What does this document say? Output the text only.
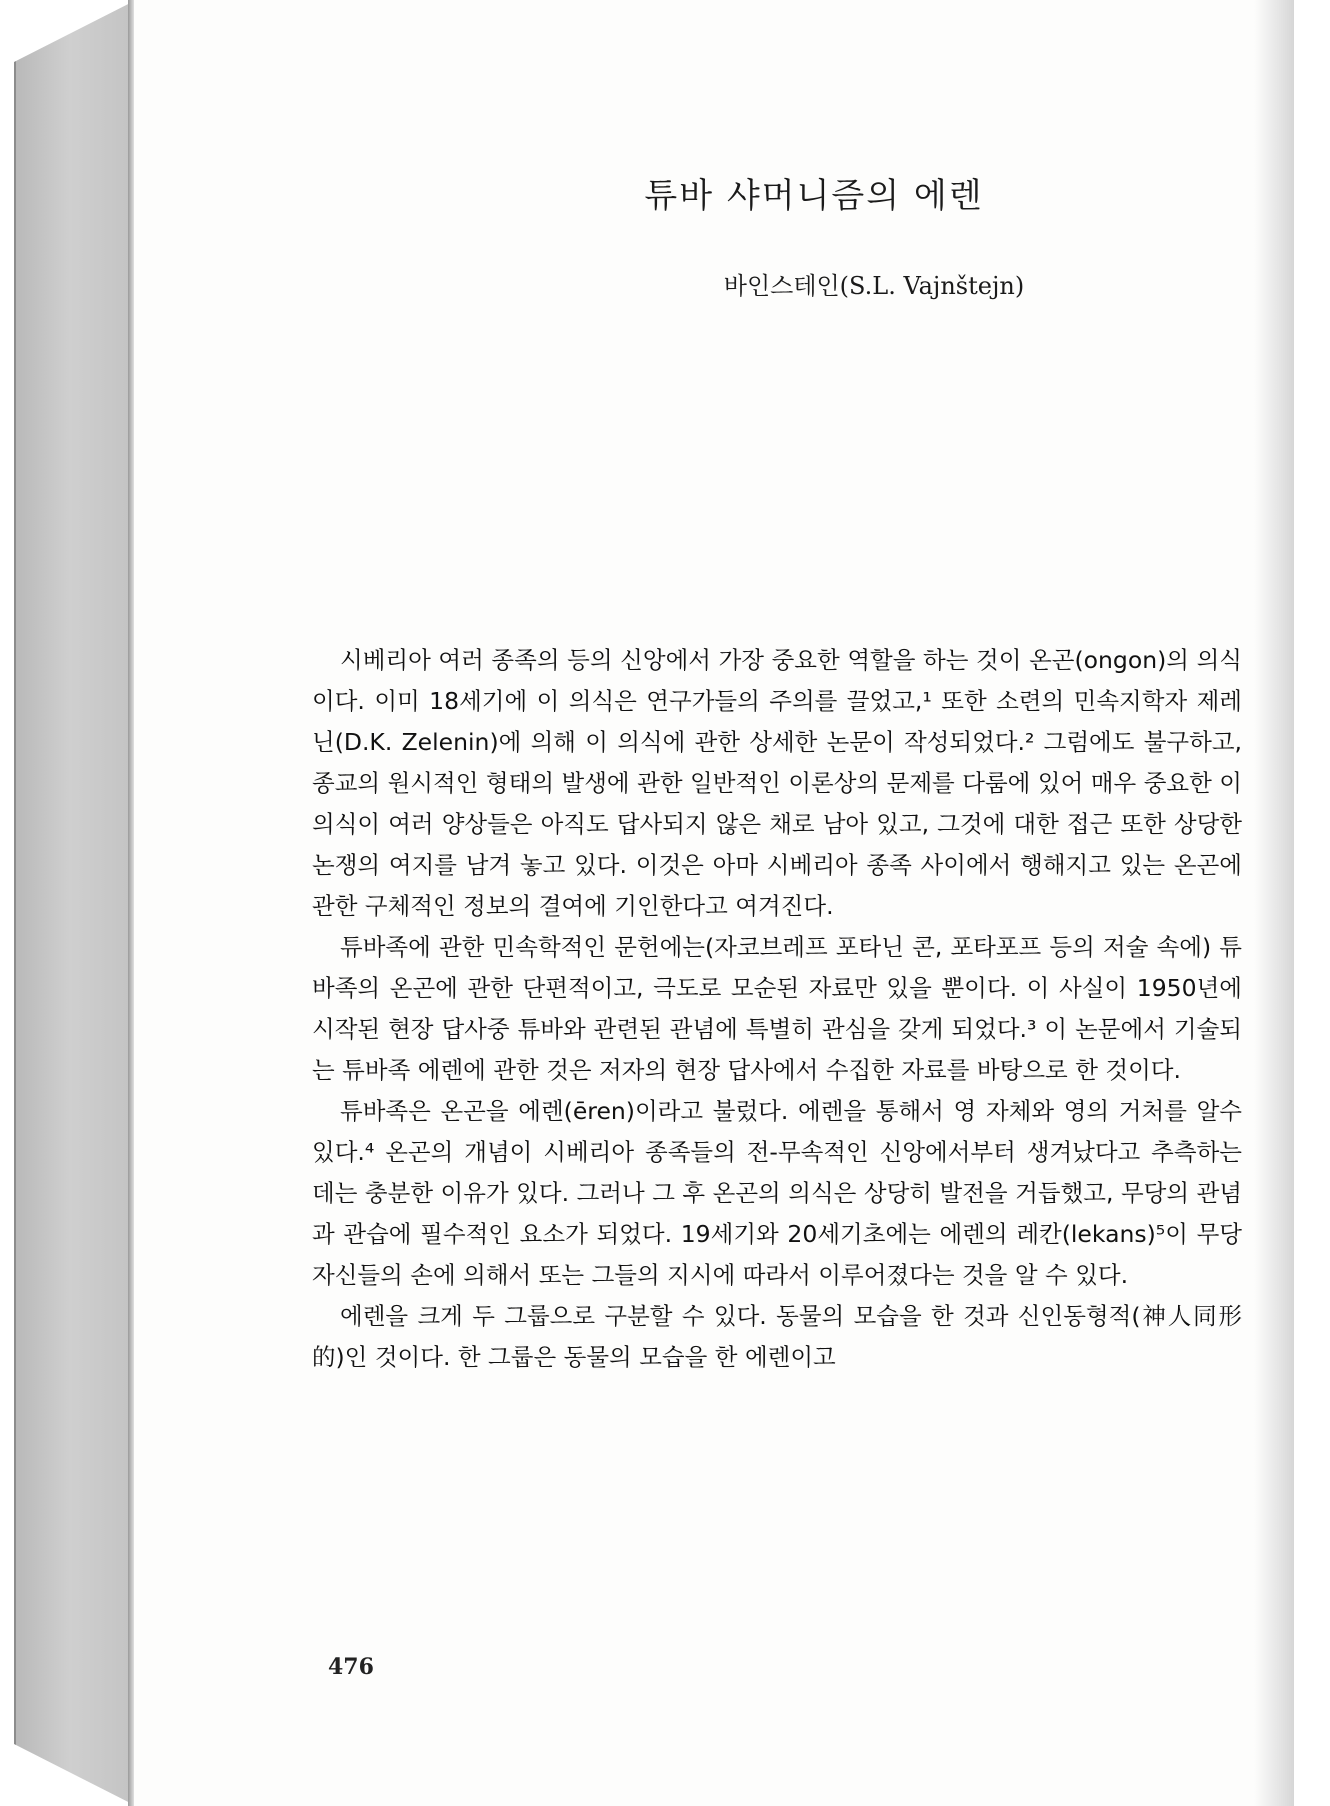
튜바 샤머니즘의 에렌
바인스테인(S.L. Vajnštejn)

시베리아 여러 종족의 등의 신앙에서 가장 중요한 역할을 하는 것이 온곤(ongon)의 의식이다. 이미 18세기에 이 의식은 연구가들의 주의를 끌었고,¹ 또한 소련의 민속지학자 제레닌(D.K. Zelenin)에 의해 이 의식에 관한 상세한 논문이 작성되었다.² 그럼에도 불구하고, 종교의 원시적인 형태의 발생에 관한 일반적인 이론상의 문제를 다룸에 있어 매우 중요한 이 의식이 여러 양상들은 아직도 답사되지 않은 채로 남아 있고, 그것에 대한 접근 또한 상당한 논쟁의 여지를 남겨 놓고 있다. 이것은 아마 시베리아 종족 사이에서 행해지고 있는 온곤에 관한 구체적인 정보의 결여에 기인한다고 여겨진다.

튜바족에 관한 민속학적인 문헌에는(자코브레프 포타닌 콘, 포타포프 등의 저술 속에) 튜바족의 온곤에 관한 단편적이고, 극도로 모순된 자료만 있을 뿐이다. 이 사실이 1950년에 시작된 현장 답사중 튜바와 관련된 관념에 특별히 관심을 갖게 되었다.³ 이 논문에서 기술되는 튜바족 에렌에 관한 것은 저자의 현장 답사에서 수집한 자료를 바탕으로 한 것이다.

튜바족은 온곤을 에렌(ēren)이라고 불렀다. 에렌을 통해서 영 자체와 영의 거처를 알수 있다.⁴ 온곤의 개념이 시베리아 종족들의 전-무속적인 신앙에서부터 생겨났다고 추측하는 데는 충분한 이유가 있다. 그러나 그 후 온곤의 의식은 상당히 발전을 거듭했고, 무당의 관념과 관습에 필수적인 요소가 되었다. 19세기와 20세기초에는 에렌의 레칸(lekans)⁵이 무당 자신들의 손에 의해서 또는 그들의 지시에 따라서 이루어졌다는 것을 알 수 있다.

에렌을 크게 두 그룹으로 구분할 수 있다. 동물의 모습을 한 것과 신인동형적(神人同形的)인 것이다. 한 그룹은 동물의 모습을 한 에렌이고

476
